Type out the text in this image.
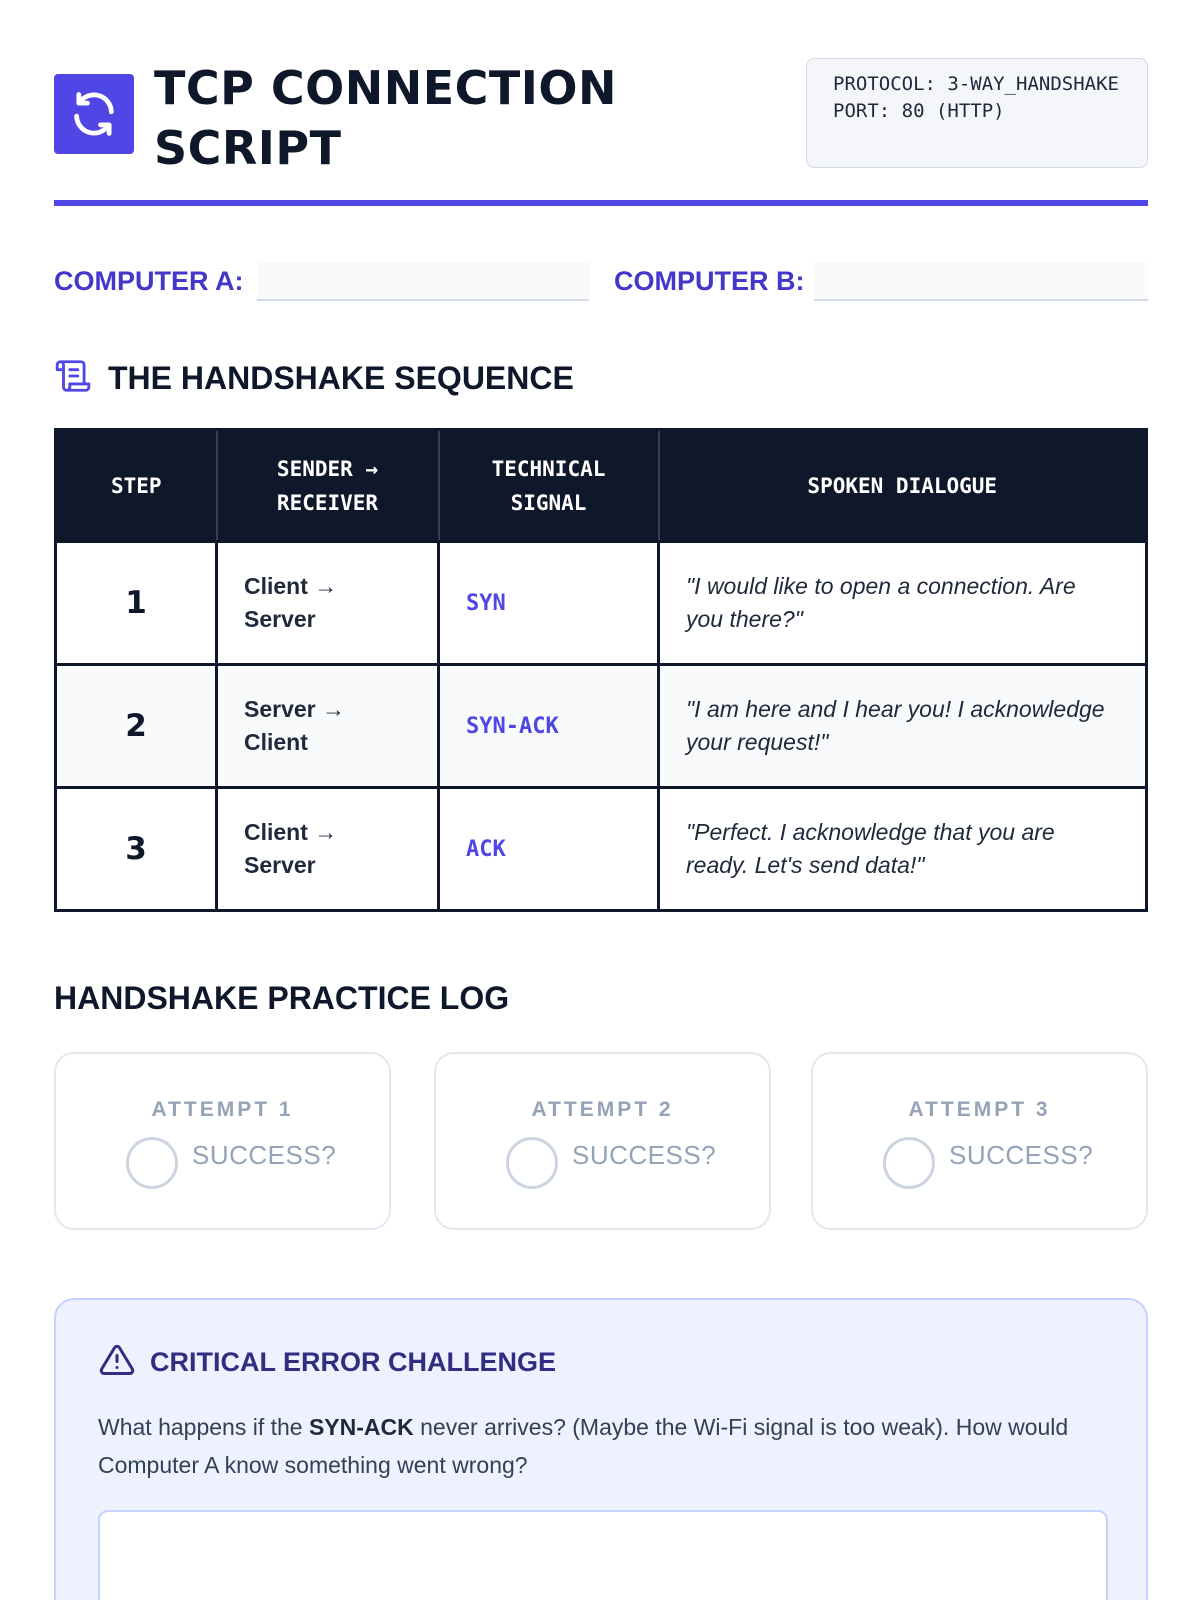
TCP CONNECTION SCRIPT
PROTOCOL: 3-WAY_HANDSHAKE
PORT: 80 (HTTP)
COMPUTER A:	COMPUTER B:
THE HANDSHAKE SEQUENCE
STEP	SENDER → RECEIVER	TECHNICAL SIGNAL	SPOKEN DIALOGUE
1	Client → Server	SYN	"I would like to open a connection. Are you there?"
2	Server → Client	SYN-ACK	"I am here and I hear you! I acknowledge your request!"
3	Client → Server	ACK	"Perfect. I acknowledge that you are ready. Let's send data!"
HANDSHAKE PRACTICE LOG
ATTEMPT 1
SUCCESS?
ATTEMPT 2
SUCCESS?
ATTEMPT 3
SUCCESS?
CRITICAL ERROR CHALLENGE
What happens if the SYN-ACK never arrives? (Maybe the Wi-Fi signal is too weak). How would Computer A know something went wrong?
